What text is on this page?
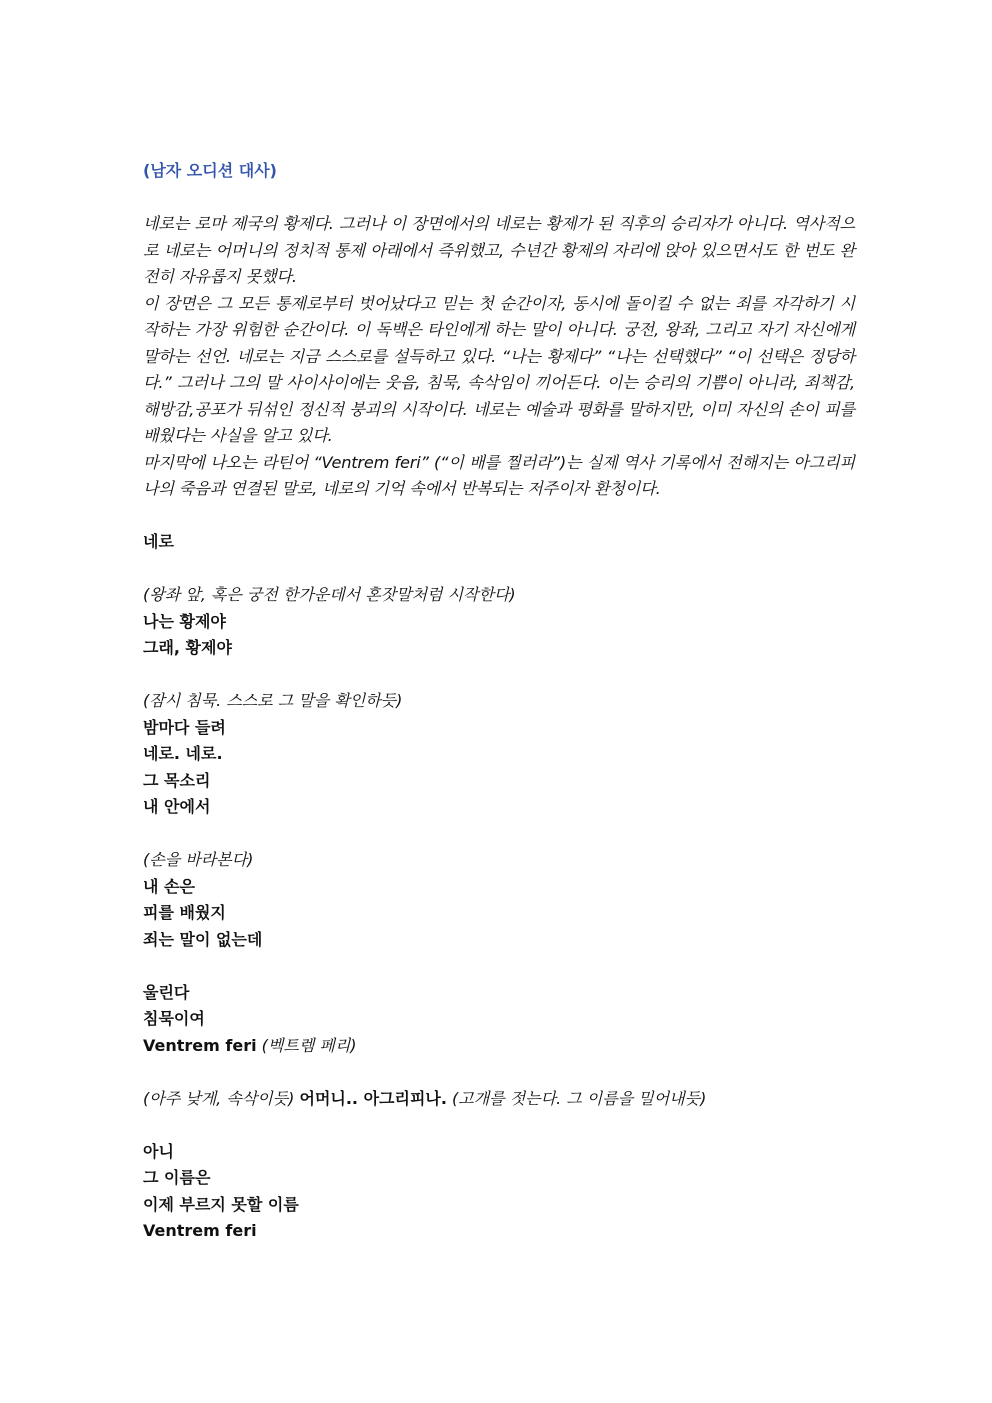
(남자 오디션 대사)

네로는 로마 제국의 황제다. 그러나 이 장면에서의 네로는 황제가 된 직후의 승리자가 아니다. 역사적으로 네로는 어머니의 정치적 통제 아래에서 즉위했고, 수년간 황제의 자리에 앉아 있으면서도 한 번도 완전히 자유롭지 못했다.

이 장면은 그 모든 통제로부터 벗어났다고 믿는 첫 순간이자, 동시에 돌이킬 수 없는 죄를 자각하기 시작하는 가장 위험한 순간이다. 이 독백은 타인에게 하는 말이 아니다. 궁전, 왕좌, 그리고 자기 자신에게 말하는 선언. 네로는 지금 스스로를 설득하고 있다. “나는 황제다” “나는 선택했다” “이 선택은 정당하다.” 그러나 그의 말 사이사이에는 웃음, 침묵, 속삭임이 끼어든다. 이는 승리의 기쁨이 아니라, 죄책감,해방감,공포가 뒤섞인 정신적 붕괴의 시작이다. 네로는 예술과 평화를 말하지만, 이미 자신의 손이 피를 배웠다는 사실을 알고 있다.

마지막에 나오는 라틴어 “Ventrem feri” (“이 배를 찔러라”)는 실제 역사 기록에서 전해지는 아그리피나의 죽음과 연결된 말로, 네로의 기억 속에서 반복되는 저주이자 환청이다.

네로
(왕좌 앞, 혹은 궁전 한가운데서 혼잣말처럼 시작한다)
나는 황제야
그래, 황제야
(잠시 침묵. 스스로 그 말을 확인하듯)
밤마다 들려
네로. 네로.
그 목소리
내 안에서
(손을 바라본다)
내 손은
피를 배웠지
죄는 말이 없는데
울린다
침묵이여
Ventrem feri (벡트렘 페리)
(아주 낮게, 속삭이듯) 어머니.. 아그리피나. (고개를 젓는다. 그 이름을 밀어내듯)
아니
그 이름은
이제 부르지 못할 이름
Ventrem feri
